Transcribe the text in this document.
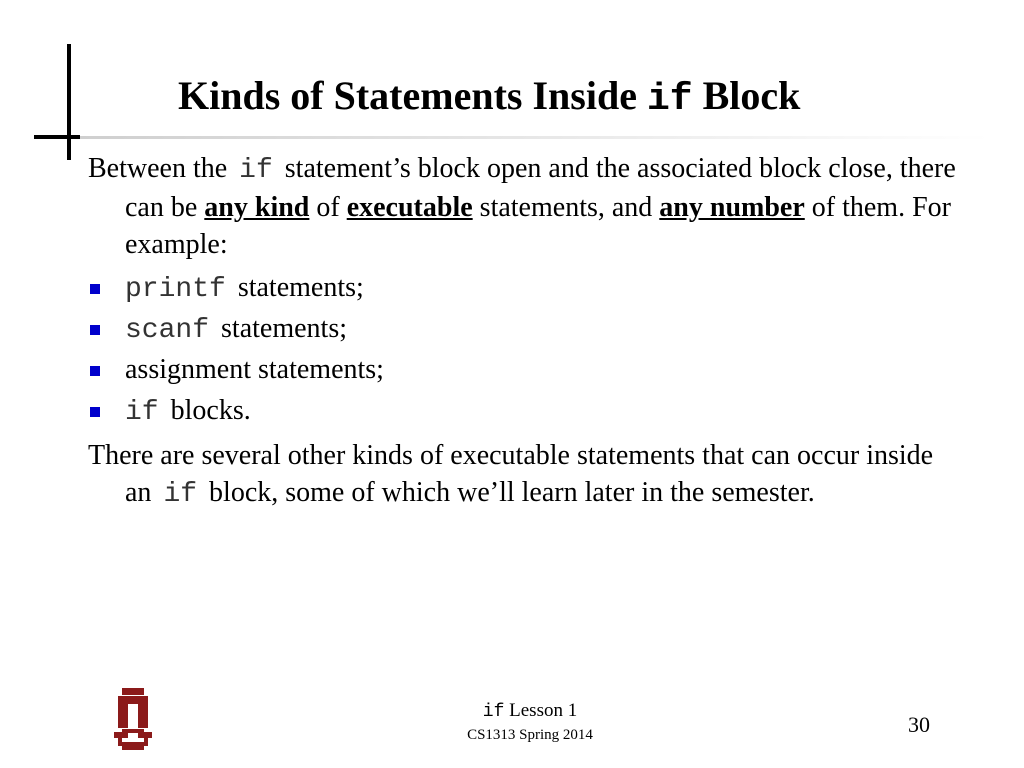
Kinds of Statements Inside if Block

Between the if statement’s block open and the associated block close, there can be any kind of executable statements, and any number of them. For example:

printf statements;
scanf statements;
assignment statements;
if blocks.

There are several other kinds of executable statements that can occur inside an if block, some of which we’ll learn later in the semester.

if Lesson 1
CS1313 Spring 2014	30
